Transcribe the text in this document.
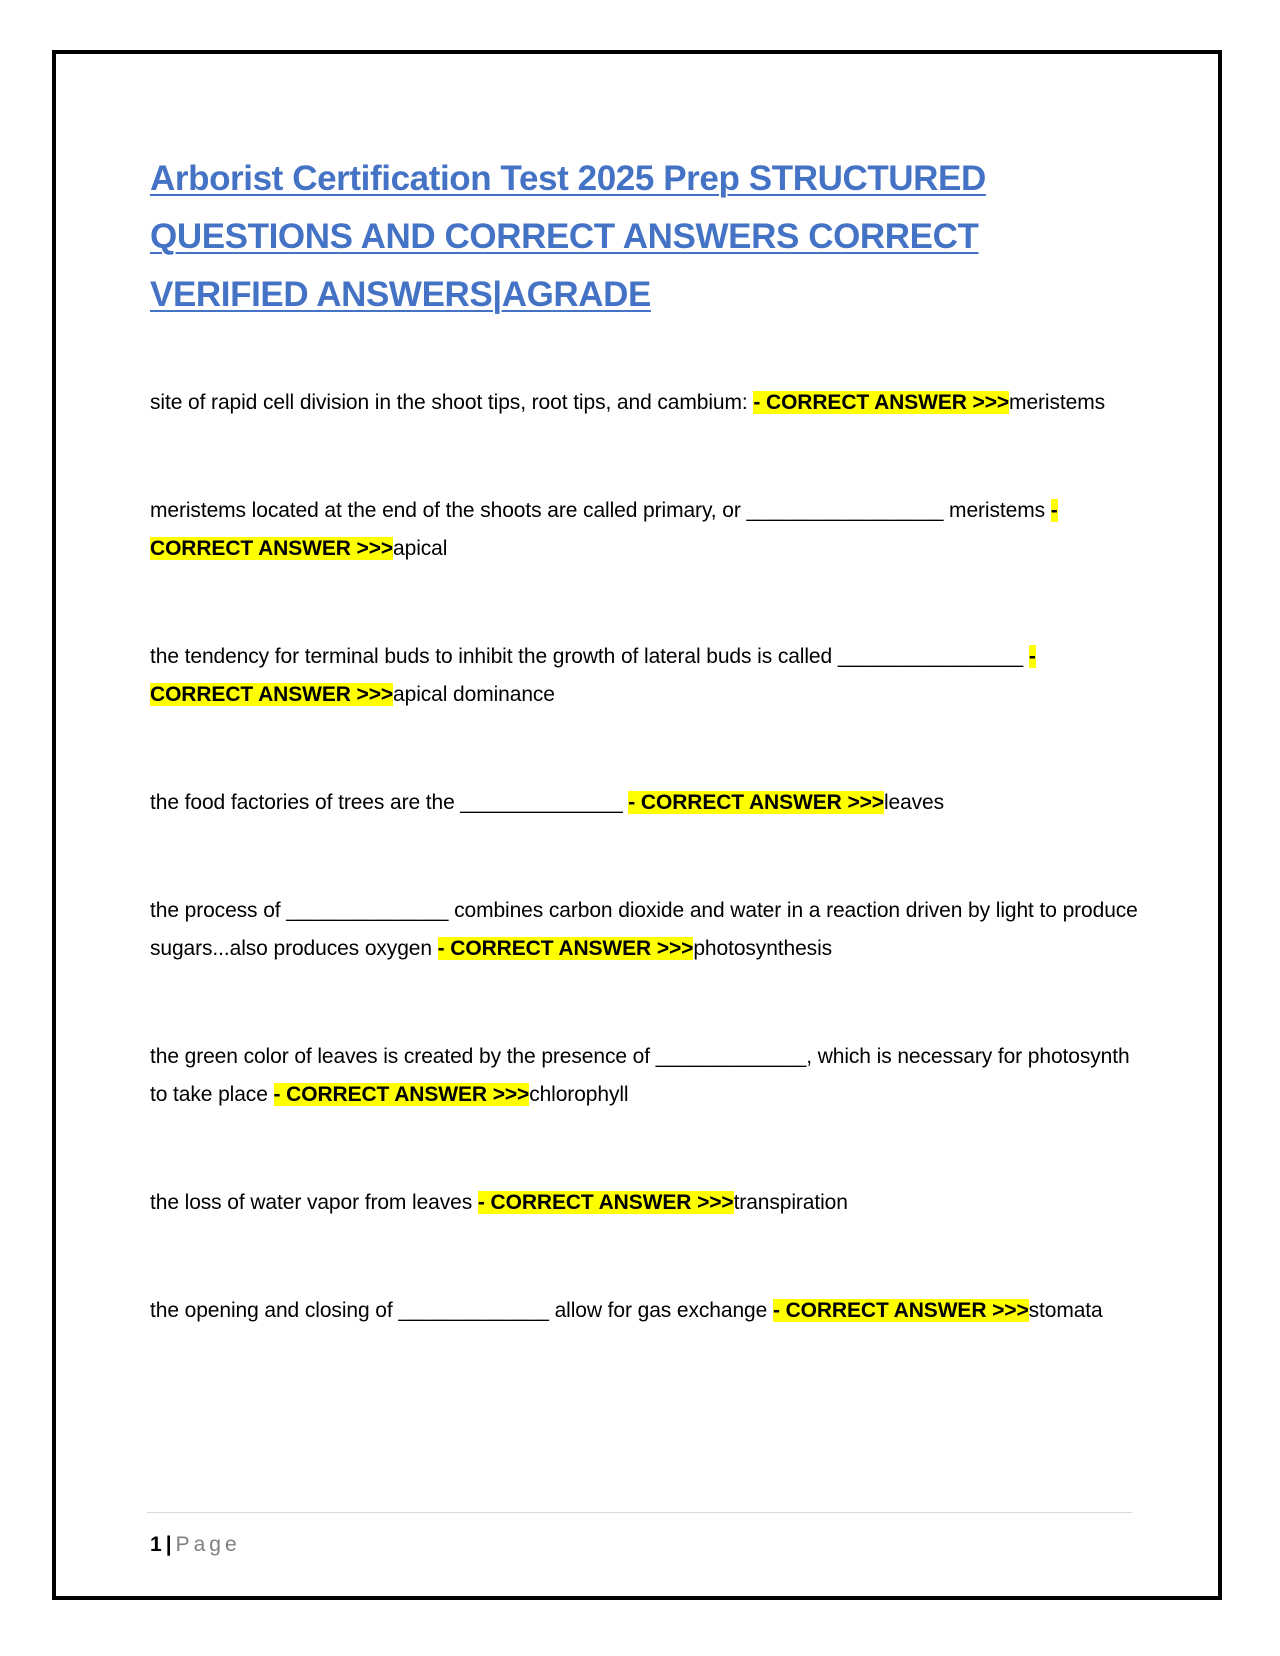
Arborist Certification Test 2025 Prep STRUCTURED QUESTIONS AND CORRECT ANSWERS CORRECT VERIFIED ANSWERS|AGRADE

site of rapid cell division in the shoot tips, root tips, and cambium: - CORRECT ANSWER >>>meristems

meristems located at the end of the shoots are called primary, or _________________ meristems - CORRECT ANSWER >>>apical

the tendency for terminal buds to inhibit the growth of lateral buds is called ________________ - CORRECT ANSWER >>>apical dominance

the food factories of trees are the ______________ - CORRECT ANSWER >>>leaves

the process of ______________ combines carbon dioxide and water in a reaction driven by light to produce sugars...also produces oxygen - CORRECT ANSWER >>>photosynthesis

the green color of leaves is created by the presence of _____________, which is necessary for photosynth to take place - CORRECT ANSWER >>>chlorophyll

the loss of water vapor from leaves - CORRECT ANSWER >>>transpiration

the opening and closing of _____________ allow for gas exchange - CORRECT ANSWER >>>stomata

1 | Page
